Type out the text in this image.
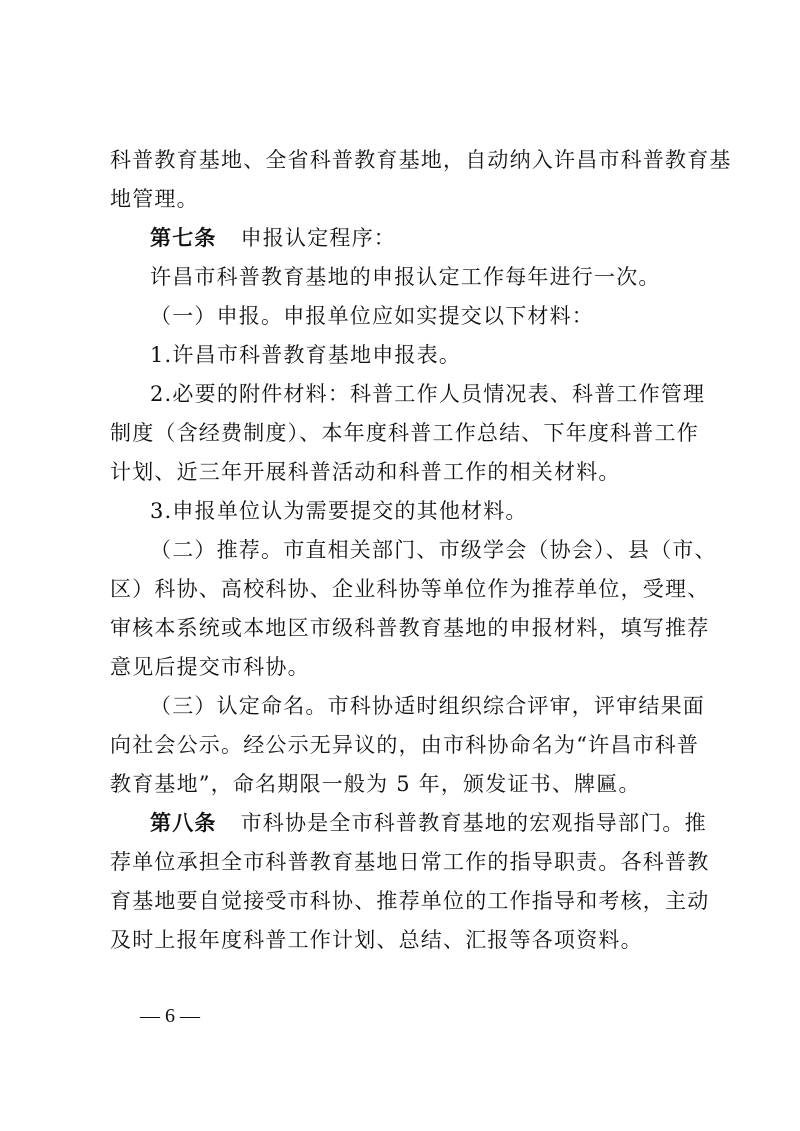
科普教育基地、全省科普教育基地，自动纳入许昌市科普教育基

地管理。

第七条 申报认定程序：

许昌市科普教育基地的申报认定工作每年进行一次。

（一）申报。申报单位应如实提交以下材料：

1.许昌市科普教育基地申报表。

2.必要的附件材料：科普工作人员情况表、科普工作管理

制度（含经费制度）、本年度科普工作总结、下年度科普工作

计划、近三年开展科普活动和科普工作的相关材料。

3.申报单位认为需要提交的其他材料。

（二）推荐。市直相关部门、市级学会（协会）、县（市、

区）科协、高校科协、企业科协等单位作为推荐单位，受理、

审核本系统或本地区市级科普教育基地的申报材料，填写推荐

意见后提交市科协。

（三）认定命名。市科协适时组织综合评审，评审结果面

向社会公示。经公示无异议的，由市科协命名为“许昌市科普

教育基地”，命名期限一般为 5 年，颁发证书、牌匾。

第八条 市科协是全市科普教育基地的宏观指导部门。推

荐单位承担全市科普教育基地日常工作的指导职责。各科普教

育基地要自觉接受市科协、推荐单位的工作指导和考核，主动

及时上报年度科普工作计划、总结、汇报等各项资料。

— 6 —
